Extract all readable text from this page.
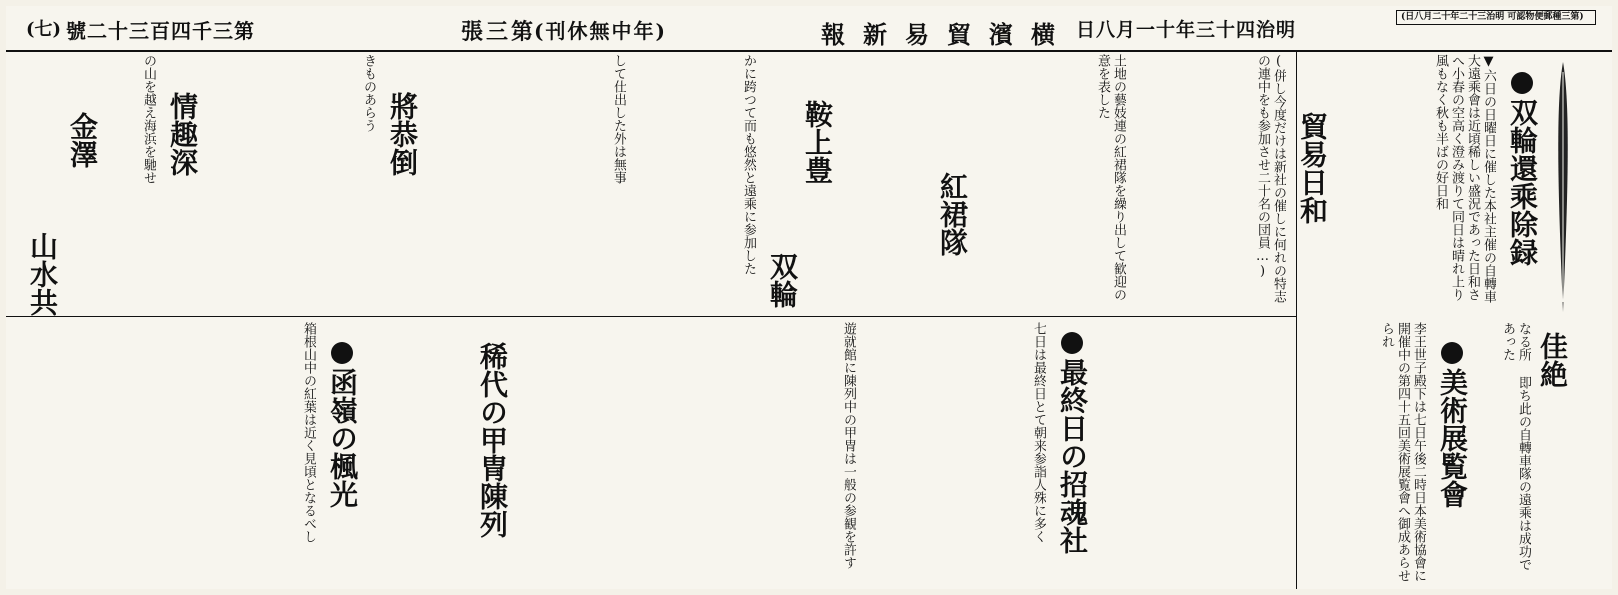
(七) 號二十三百四千三第	張三第
(刊休無中年)	報新易貿濱横 日八月一十年三十四治明
(日八月二十年二十三治明 可認物便郵種三第)
双輪還乘除録
▼六日の日曜日に催した本社主催の自轉車大遠乘會は近頃稀しい盛況であった日和さへ小春の空高く澄み渡りて同日は晴れ上り風もなく秋も半ばの好日和
貿易日和
(併し今度だけは新社の催しに何れの特志の連中をも参加させ二十名の団員…)
紅裙隊	土地の藝妓連の紅裙隊を繰り出して歓迎の意を表した
鞍上豊
双輪
かに跨つて而も悠然と遠乘に参加した
將恭倒	して仕出した外は無事
情趣深	きものあらう
金澤
山水共
の山を越え海浜を馳せ
佳絶
なる所 即ち此の自轉車隊の遠乘は成功であった
美術展覧會
李王世子殿下は七日午後二時日本美術協會に開催中の第四十五回美術展覧會へ御成あらせられ
最終日の招魂社
七日は最終日とて朝来参詣人殊に多く
稀代の甲冑陳列	遊就館に陳列中の甲冑は一般の参観を許す
函嶺の楓光
箱根山中の紅葉は近く見頃となるべし
